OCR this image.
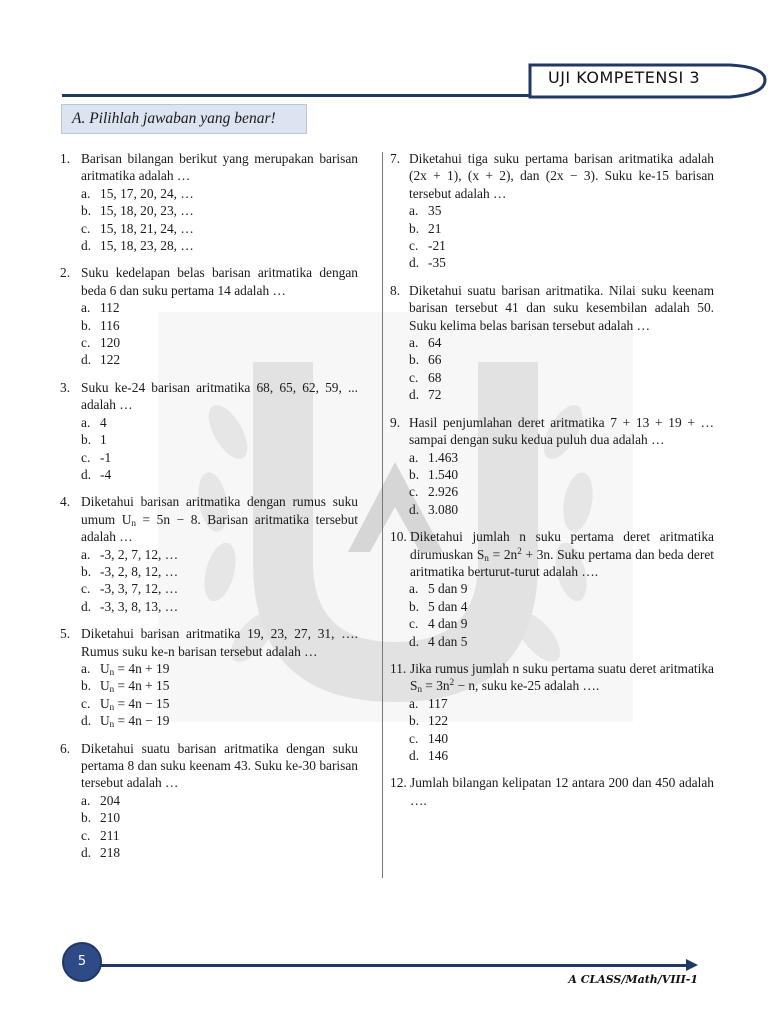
UJI KOMPETENSI 3
A. Pilihlah jawaban yang benar!
1. Barisan bilangan berikut yang merupakan barisan aritmatika adalah …
a. 15, 17, 20, 24, …
b. 15, 18, 20, 23, …
c. 15, 18, 21, 24, …
d. 15, 18, 23, 28, …
2. Suku kedelapan belas barisan aritmatika dengan beda 6 dan suku pertama 14 adalah …
a. 112
b. 116
c. 120
d. 122
3. Suku ke-24 barisan aritmatika 68, 65, 62, 59, ... adalah …
a. 4
b. 1
c. -1
d. -4
4. Diketahui barisan aritmatika dengan rumus suku umum $U_n = 5n - 8$. Barisan aritmatika tersebut adalah …
a. -3, 2, 7, 12, …
b. -3, 2, 8, 12, …
c. -3, 3, 7, 12, …
d. -3, 3, 8, 13, …
5. Diketahui barisan aritmatika 19, 23, 27, 31, …. Rumus suku ke-n barisan tersebut adalah …
a. $U_n = 4n + 19$
b. $U_n = 4n + 15$
c. $U_n = 4n - 15$
d. $U_n = 4n - 19$
6. Diketahui suatu barisan aritmatika dengan suku pertama 8 dan suku keenam 43. Suku ke-30 barisan tersebut adalah …
a. 204
b. 210
c. 211
d. 218
7. Diketahui tiga suku pertama barisan aritmatika adalah (2x + 1), (x + 2), dan (2x − 3). Suku ke-15 barisan tersebut adalah …
a. 35
b. 21
c. -21
d. -35
8. Diketahui suatu barisan aritmatika. Nilai suku keenam barisan tersebut 41 dan suku kesembilan adalah 50. Suku kelima belas barisan tersebut adalah …
a. 64
b. 66
c. 68
d. 72
9. Hasil penjumlahan deret aritmatika 7 + 13 + 19 + … sampai dengan suku kedua puluh dua adalah …
a. 1.463
b. 1.540
c. 2.926
d. 3.080
10. Diketahui jumlah n suku pertama deret aritmatika dirumuskan $S_n = 2n^2 + 3n$. Suku pertama dan beda deret aritmatika berturut-turut adalah ….
a. 5 dan 9
b. 5 dan 4
c. 4 dan 9
d. 4 dan 5
11. Jika rumus jumlah n suku pertama suatu deret aritmatika $S_n = 3n^2 - n$, suku ke-25 adalah ….
a. 117
b. 122
c. 140
d. 146
12. Jumlah bilangan kelipatan 12 antara 200 dan 450 adalah ….
5
A CLASS/Math/VIII-1
